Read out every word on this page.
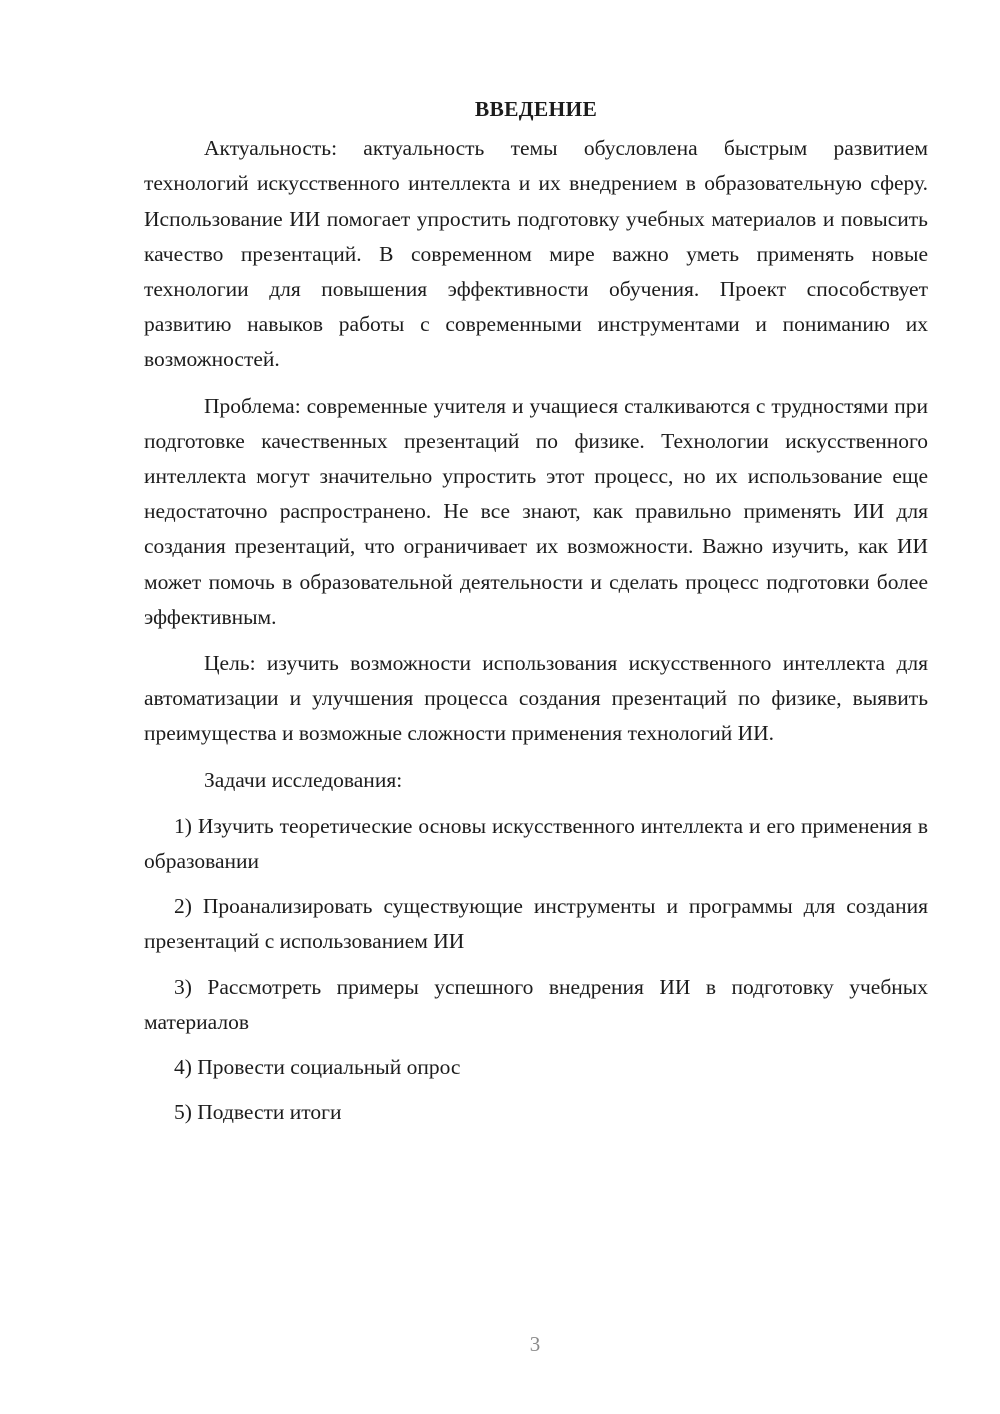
ВВЕДЕНИЕ

Актуальность: актуальность темы обусловлена быстрым развитием технологий искусственного интеллекта и их внедрением в образовательную сферу. Использование ИИ помогает упростить подготовку учебных материалов и повысить качество презентаций. В современном мире важно уметь применять новые технологии для повышения эффективности обучения. Проект способствует развитию навыков работы с современными инструментами и пониманию их возможностей.

Проблема: современные учителя и учащиеся сталкиваются с трудностями при подготовке качественных презентаций по физике. Технологии искусственного интеллекта могут значительно упростить этот процесс, но их использование еще недостаточно распространено. Не все знают, как правильно применять ИИ для создания презентаций, что ограничивает их возможности. Важно изучить, как ИИ может помочь в образовательной деятельности и сделать процесс подготовки более эффективным.

Цель: изучить возможности использования искусственного интеллекта для автоматизации и улучшения процесса создания презентаций по физике, выявить преимущества и возможные сложности применения технологий ИИ.

Задачи исследования:

1) Изучить теоретические основы искусственного интеллекта и его применения в образовании

2) Проанализировать существующие инструменты и программы для создания презентаций с использованием ИИ

3) Рассмотреть примеры успешного внедрения ИИ в подготовку учебных материалов

4) Провести социальный опрос

5) Подвести итоги

3
